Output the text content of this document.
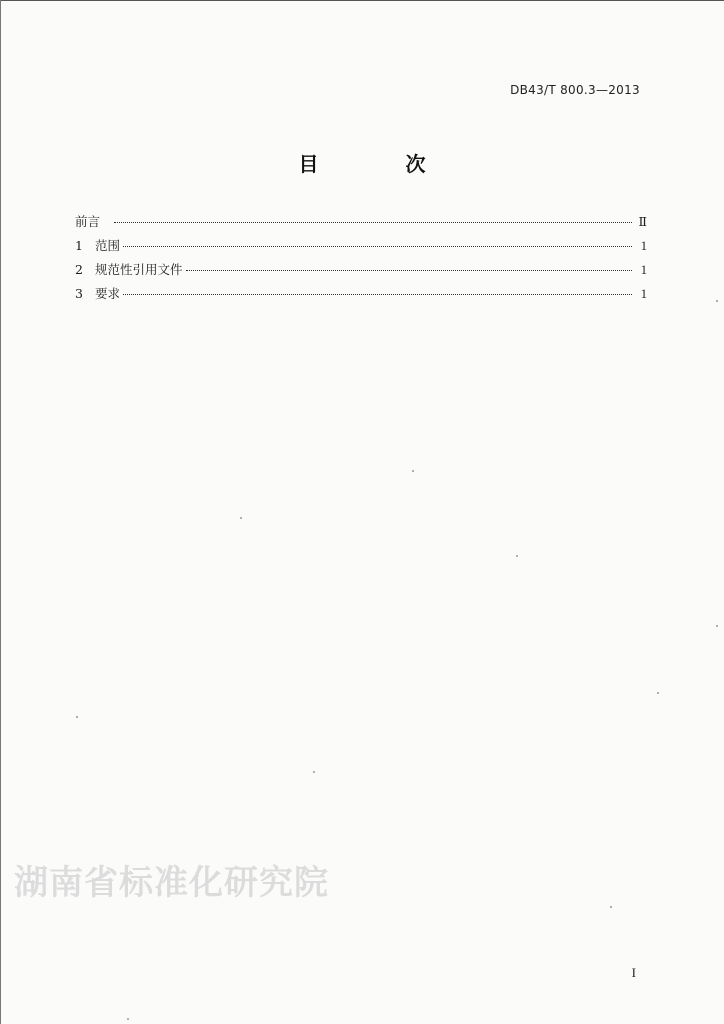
DB43/T 800.3—2013
目 次
前言	Ⅱ
1 范围	1
2 规范性引用文件	1
3 要求	1
湖南省标准化研究院
I
